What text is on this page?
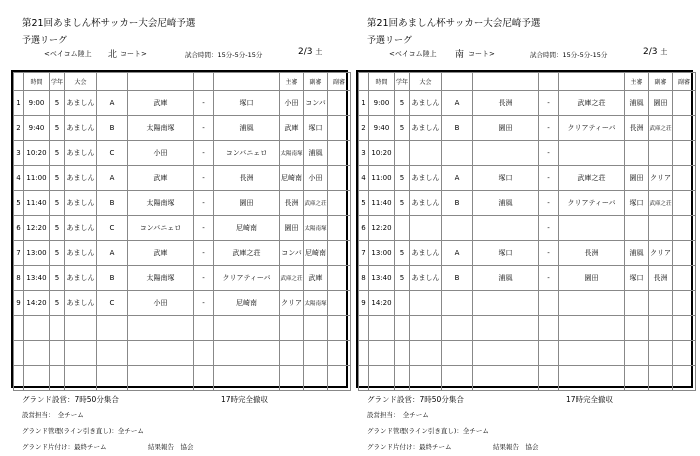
第21回あましん杯サッカー大会尼崎予選
予選リーグ
<ベイコム陸上 北 コート>	試合時間：15分-5分-15分	2/3 土
	時間	学年	大会					主審	副審	副審
1	9:00	5	あましん	A	武庫	-	塚口	小田	コンバ	
2	9:40	5	あましん	B	太陽南塚	-	浦風	武庫	塚口	
3	10:20	5	あましん	C	小田	-	コンバニェロ	太陽南塚	浦風	
4	11:00	5	あましん	A	武庫	-	長洲	尼崎南	小田	
5	11:40	5	あましん	B	太陽南塚	-	園田	長洲	武庫之荘	
6	12:20	5	あましん	C	コンバニェロ	-	尼崎南	園田	太陽南塚	
7	13:00	5	あましん	A	武庫	-	武庫之荘	コンバ	尼崎南	
8	13:40	5	あましん	B	太陽南塚	-	クリアティーバ	武庫之荘	武庫	
9	14:20	5	あましん	C	小田	-	尼崎南	クリア	太陽南塚	

グランド設営：7時50分集合	17時完全撤収
設営担当：　全チーム
グランド管理(ライン引き直し)：全チーム
グランド片付け：最終チーム	結果報告　協会
第21回あましん杯サッカー大会尼崎予選
予選リーグ
<ベイコム陸上 南 コート>	試合時間：15分-5分-15分	2/3 土
	時間	学年	大会					主審	副審	副審
1	9:00	5	あましん	A	長洲	-	武庫之荘	浦風	園田	
2	9:40	5	あましん	B	園田	-	クリアティーバ	長洲	武庫之荘	
3	10:20					-				
4	11:00	5	あましん	A	塚口	-	武庫之荘	園田	クリア	
5	11:40	5	あましん	B	浦風	-	クリアティーバ	塚口	武庫之荘	
6	12:20					-				
7	13:00	5	あましん	A	塚口	-	長洲	浦風	クリア	
8	13:40	5	あましん	B	浦風	-	園田	塚口	長洲	
9	14:20									

グランド設営：7時50分集合	17時完全撤収
設営担当：　全チーム
グランド管理(ライン引き直し)：全チーム
グランド片付け：最終チーム	結果報告　協会
